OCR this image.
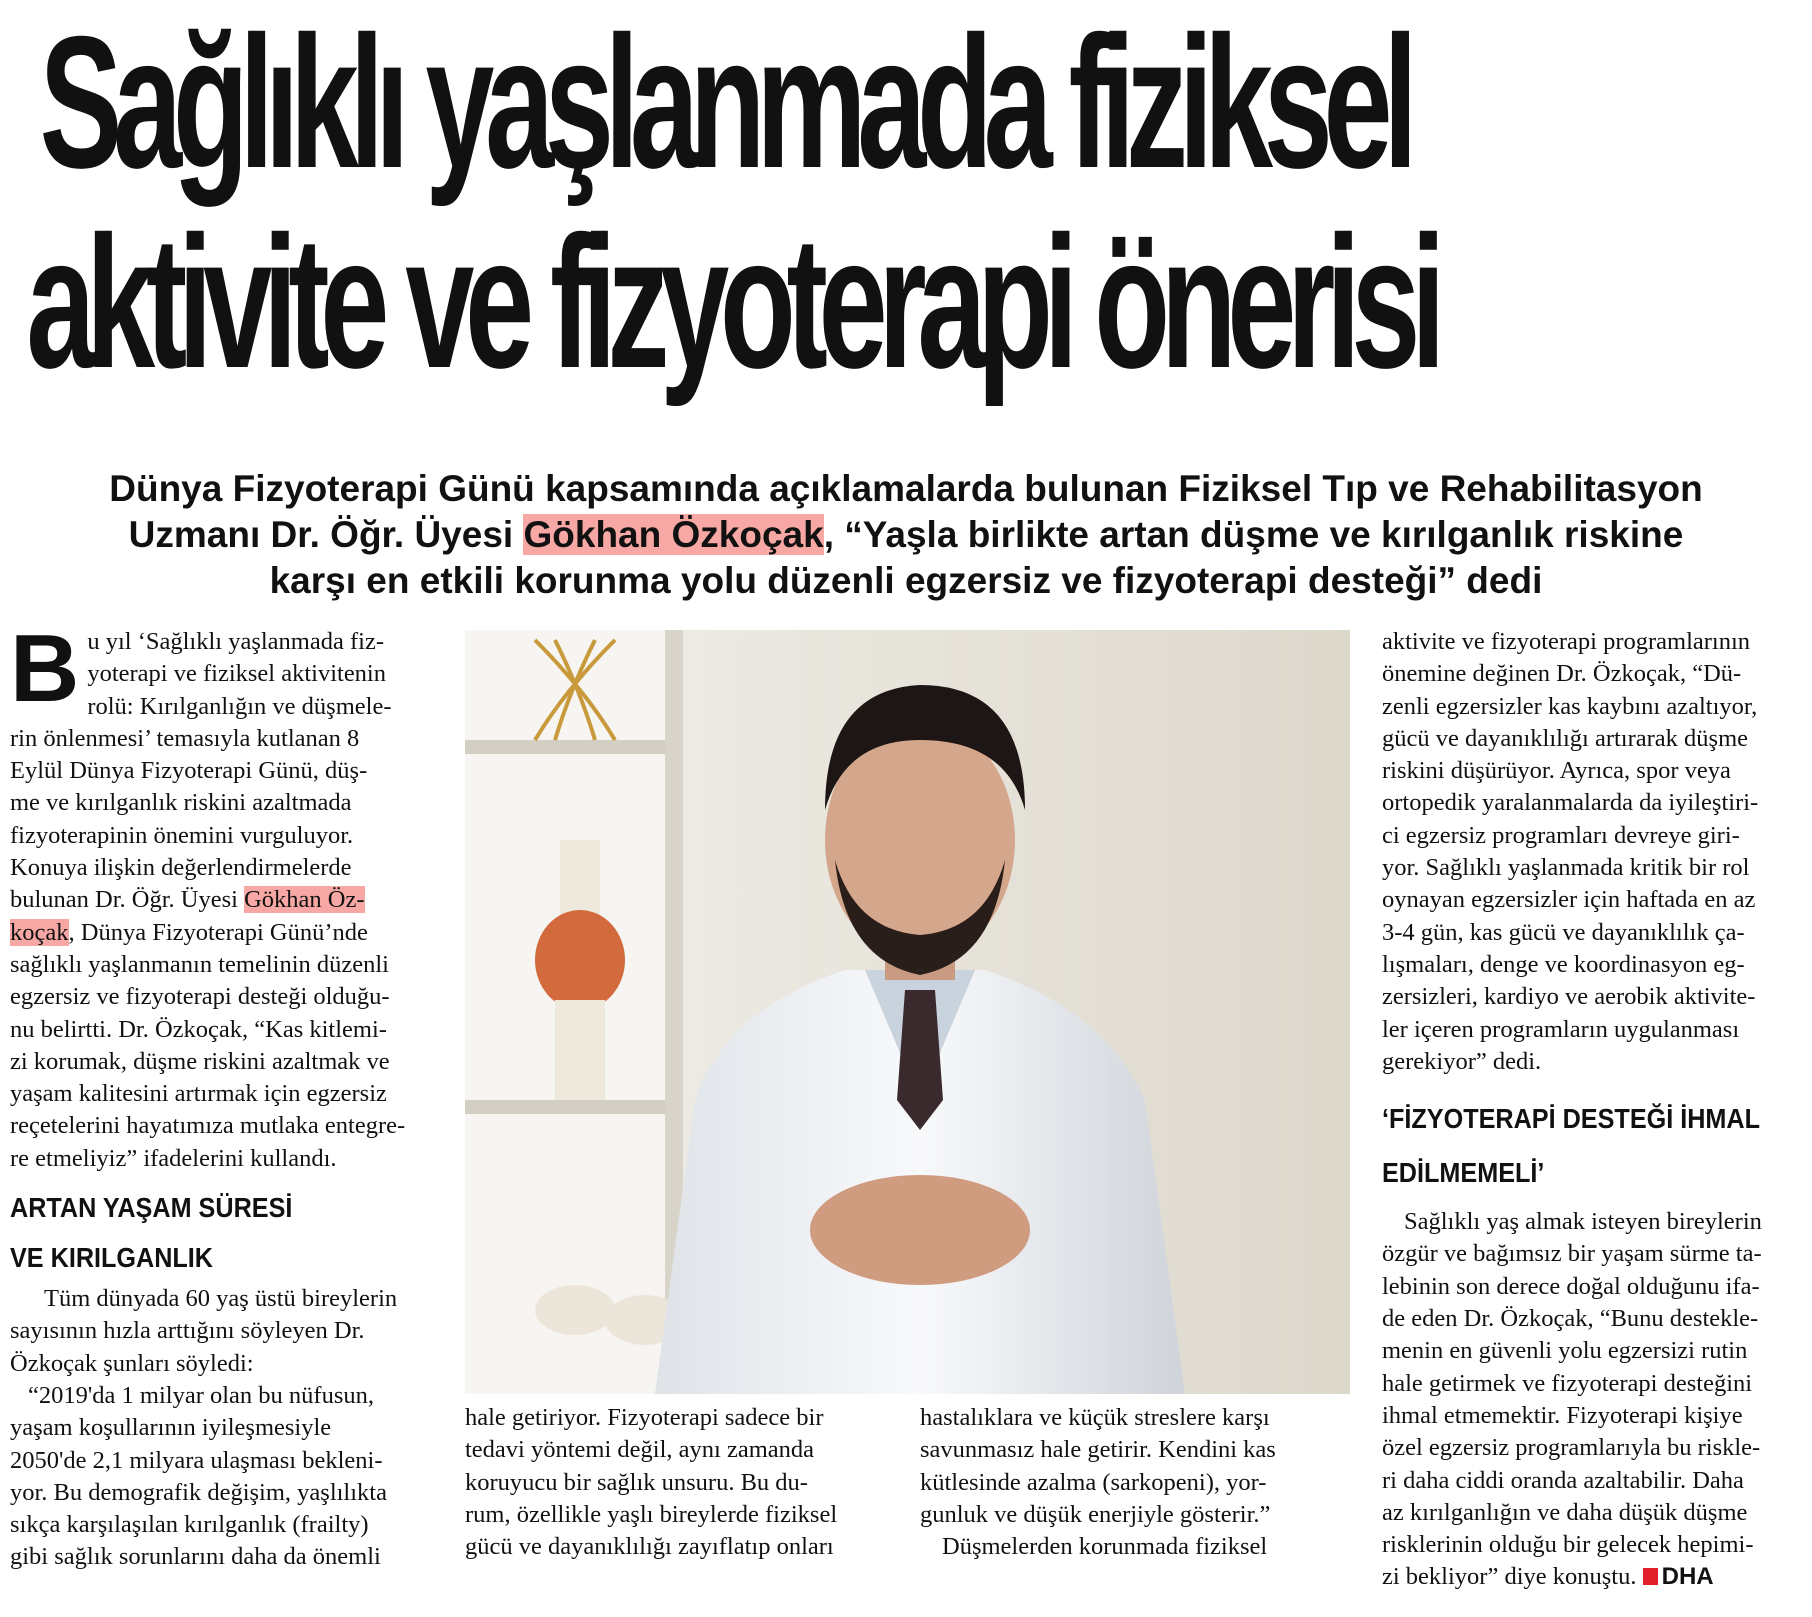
Sağlıklı yaşlanmada fiziksel
aktivite ve fizyoterapi önerisi
Dünya Fizyoterapi Günü kapsamında açıklamalarda bulunan Fiziksel Tıp ve Rehabilitasyon
Uzmanı Dr. Öğr. Üyesi Gökhan Özkoçak, “Yaşla birlikte artan düşme ve kırılganlık riskine
karşı en etkili korunma yolu düzenli egzersiz ve fizyoterapi desteği” dedi
B u yıl ‘Sağlıklı yaşlanmada fiz-

yoterapi ve fiziksel aktivitenin

rolü: Kırılganlığın ve düşmele-

rin önlenmesi’ temasıyla kutlanan 8

Eylül Dünya Fizyoterapi Günü, düş-

me ve kırılganlık riskini azaltmada

fizyoterapinin önemini vurguluyor.

Konuya ilişkin değerlendirmelerde

bulunan Dr. Öğr. Üyesi Gökhan Öz-

koçak, Dünya Fizyoterapi Günü’nde

sağlıklı yaşlanmanın temelinin düzenli

egzersiz ve fizyoterapi desteği olduğu-

nu belirtti. Dr. Özkoçak, “Kas kitlemi-

zi korumak, düşme riskini azaltmak ve

yaşam kalitesini artırmak için egzersiz

reçetelerini hayatımıza mutlaka entegre-

re etmeliyiz” ifadelerini kullandı.

ARTAN YAŞAM SÜRESİ
VE KIRILGANLIK

Tüm dünyada 60 yaş üstü bireylerin

sayısının hızla arttığını söyleyen Dr.

Özkoçak şunları söyledi:

“2019'da 1 milyar olan bu nüfusun,

yaşam koşullarının iyileşmesiyle

2050'de 2,1 milyara ulaşması bekleni-

yor. Bu demografik değişim, yaşlılıkta

sıkça karşılaşılan kırılganlık (frailty)

gibi sağlık sorunlarını daha da önemli

hale getiriyor. Fizyoterapi sadece bir

tedavi yöntemi değil, aynı zamanda

koruyucu bir sağlık unsuru. Bu du-

rum, özellikle yaşlı bireylerde fiziksel

gücü ve dayanıklılığı zayıflatıp onları

hastalıklara ve küçük streslere karşı

savunmasız hale getirir. Kendini kas

kütlesinde azalma (sarkopeni), yor-

gunluk ve düşük enerjiyle gösterir.”

Düşmelerden korunmada fiziksel

aktivite ve fizyoterapi programlarının

önemine değinen Dr. Özkoçak, “Dü-

zenli egzersizler kas kaybını azaltıyor,

gücü ve dayanıklılığı artırarak düşme

riskini düşürüyor. Ayrıca, spor veya

ortopedik yaralanmalarda da iyileştiri-

ci egzersiz programları devreye giri-

yor. Sağlıklı yaşlanmada kritik bir rol

oynayan egzersizler için haftada en az

3-4 gün, kas gücü ve dayanıklılık ça-

lışmaları, denge ve koordinasyon eg-

zersizleri, kardiyo ve aerobik aktivite-

ler içeren programların uygulanması

gerekiyor” dedi.

‘FİZYOTERAPİ DESTEĞİ İHMAL
EDİLMEMELİ’

Sağlıklı yaş almak isteyen bireylerin

özgür ve bağımsız bir yaşam sürme ta-

lebinin son derece doğal olduğunu ifa-

de eden Dr. Özkoçak, “Bunu destekle-

menin en güvenli yolu egzersizi rutin

hale getirmek ve fizyoterapi desteğini

ihmal etmemektir. Fizyoterapi kişiye

özel egzersiz programlarıyla bu riskle-

ri daha ciddi oranda azaltabilir. Daha

az kırılganlığın ve daha düşük düşme

risklerinin olduğu bir gelecek hepimi-

zi bekliyor” diye konuştu. DHA
